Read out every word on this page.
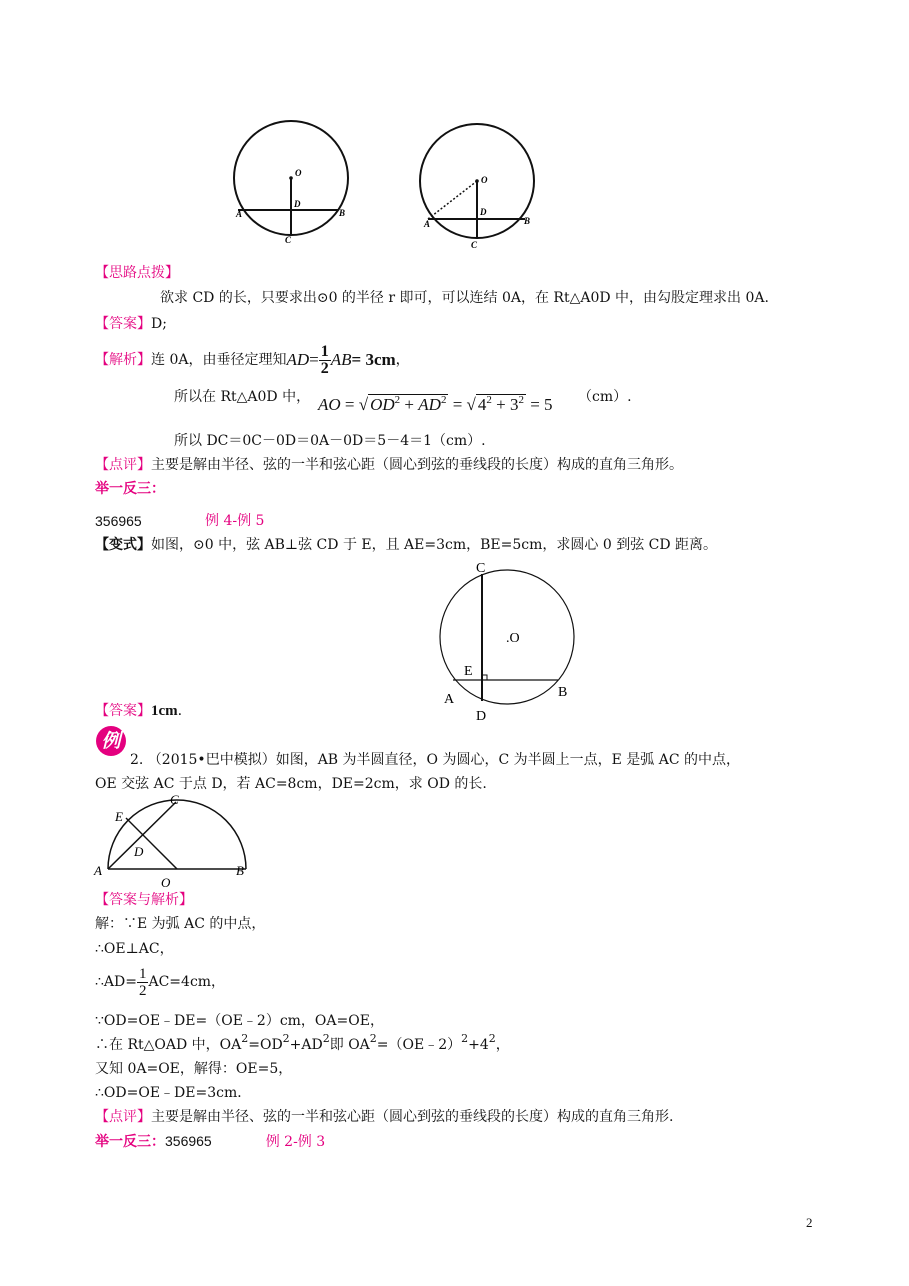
O
D
A	B
C
O
D
A	B
C
【思路点拨】
欲求 CD 的长，只要求出⊙0 的半径 r 即可，可以连结 0A，在 Rt△A0D 中，由勾股定理求出 0A.
【答案】D;
【解析】 连 0A，由垂径定理知 AD = $\frac{1}{2}$ AB = 3cm ，
所以在 Rt△A0D 中， AO = √ $OD^2 + AD^2$ = √ $4^2 + 3^2 = 5$ （cm）.
所以 DC＝0C－0D＝0A－0D＝5－4＝1（cm）.
【点评】主要是解由半径、弦的一半和弦心距（圆心到弦的垂线段的长度）构成的直角三角形。
举一反三：
356965	例 4-例 5
【变式】如图，⊙0 中，弦 AB⊥弦 CD 于 E，且 AE=3cm，BE=5cm，求圆心 0 到弦 CD 距离。
C
.O
E
A	B
D
【答案】1cm.
例
2. （2015•巴中模拟）如图，AB 为半圆直径，O 为圆心，C 为半圆上一点，E 是弧 AC 的中点，
OE 交弦 AC 于点 D，若 AC=8cm，DE=2cm，求 OD 的长.
C
E
D
A
O
B
【答案与解析】
解：∵E 为弧 AC 的中点，
∴OE⊥AC，
∴AD= $\frac{1}{2} AC=4cm$，
∵OD=OE﹣DE=（OE﹣2）cm，OA=OE，
∴在 Rt△OAD 中，$OA^2=OD^2+AD^2$即 $OA^2=(OE﹣2)^2+4^2$，
又知 0A=OE，解得：OE=5，
∴OD=OE﹣DE=3cm．
【点评】主要是解由半径、弦的一半和弦心距（圆心到弦的垂线段的长度）构成的直角三角形.
举一反三：356965	例 2-例 3
2
